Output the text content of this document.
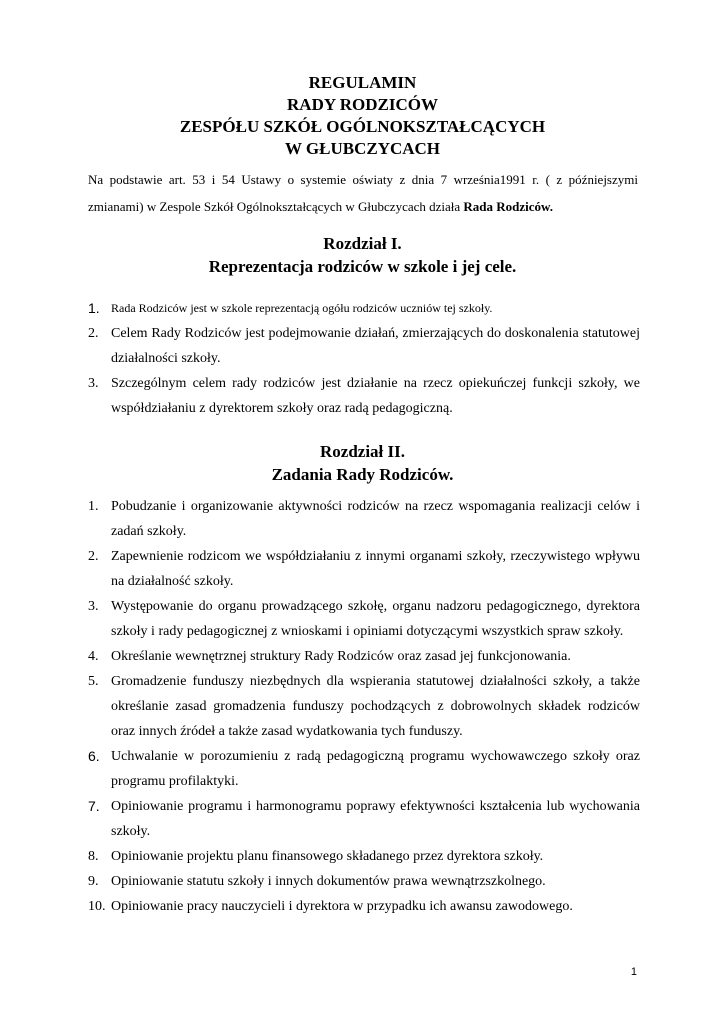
REGULAMIN
RADY RODZICÓW
ZESPÓŁU SZKÓŁ OGÓLNOKSZTAŁCĄCYCH
W GŁUBCZYCACH
Na podstawie art. 53 i 54 Ustawy o systemie oświaty z dnia 7 września1991 r. ( z późniejszymi zmianami) w Zespole Szkół Ogólnokształcących w Głubczycach działa Rada Rodziców.
Rozdział I.
Reprezentacja rodziców w szkole i jej cele.
1. Rada Rodziców jest w szkole reprezentacją ogółu rodziców uczniów tej szkoły.
2. Celem Rady Rodziców jest podejmowanie działań, zmierzających do doskonalenia statutowej działalności szkoły.
3. Szczególnym celem rady rodziców jest działanie na rzecz opiekuńczej funkcji szkoły, we współdziałaniu z dyrektorem szkoły oraz radą pedagogiczną.
Rozdział II.
Zadania Rady Rodziców.
1. Pobudzanie i organizowanie aktywności rodziców na rzecz wspomagania realizacji celów i zadań szkoły.
2. Zapewnienie rodzicom we współdziałaniu z innymi organami szkoły, rzeczywistego wpływu na działalność szkoły.
3. Występowanie do organu prowadzącego szkołę, organu nadzoru pedagogicznego, dyrektora szkoły i rady pedagogicznej z wnioskami i opiniami dotyczącymi wszystkich spraw szkoły.
4. Określanie wewnętrznej struktury Rady Rodziców oraz zasad jej funkcjonowania.
5. Gromadzenie funduszy niezbędnych dla wspierania statutowej działalności szkoły, a także określanie zasad gromadzenia funduszy pochodzących z dobrowolnych składek rodziców oraz innych źródeł a także zasad wydatkowania tych funduszy.
6. Uchwalanie w porozumieniu z radą pedagogiczną programu wychowawczego szkoły oraz programu profilaktyki.
7. Opiniowanie programu i harmonogramu poprawy efektywności kształcenia lub wychowania szkoły.
8. Opiniowanie projektu planu finansowego składanego przez dyrektora szkoły.
9. Opiniowanie statutu szkoły i innych dokumentów prawa wewnątrzszkolnego.
10. Opiniowanie pracy nauczycieli i dyrektora w przypadku ich awansu zawodowego.
1
